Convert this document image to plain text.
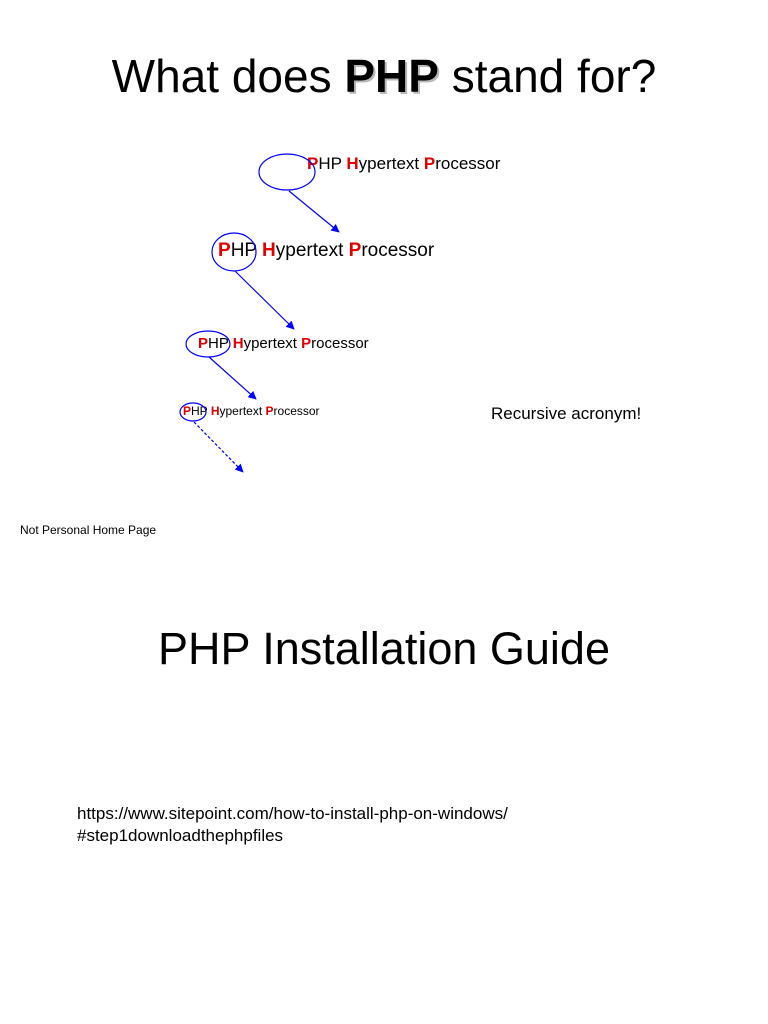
What does PHP stand for?
PHP Hypertext Processor
PHP Hypertext Processor
PHP Hypertext Processor
PHP Hypertext Processor	Recursive acronym!
Not Personal Home Page
PHP Installation Guide
https://www.sitepoint.com/how-to-install-php-on-windows/
#step1downloadthephpfiles
